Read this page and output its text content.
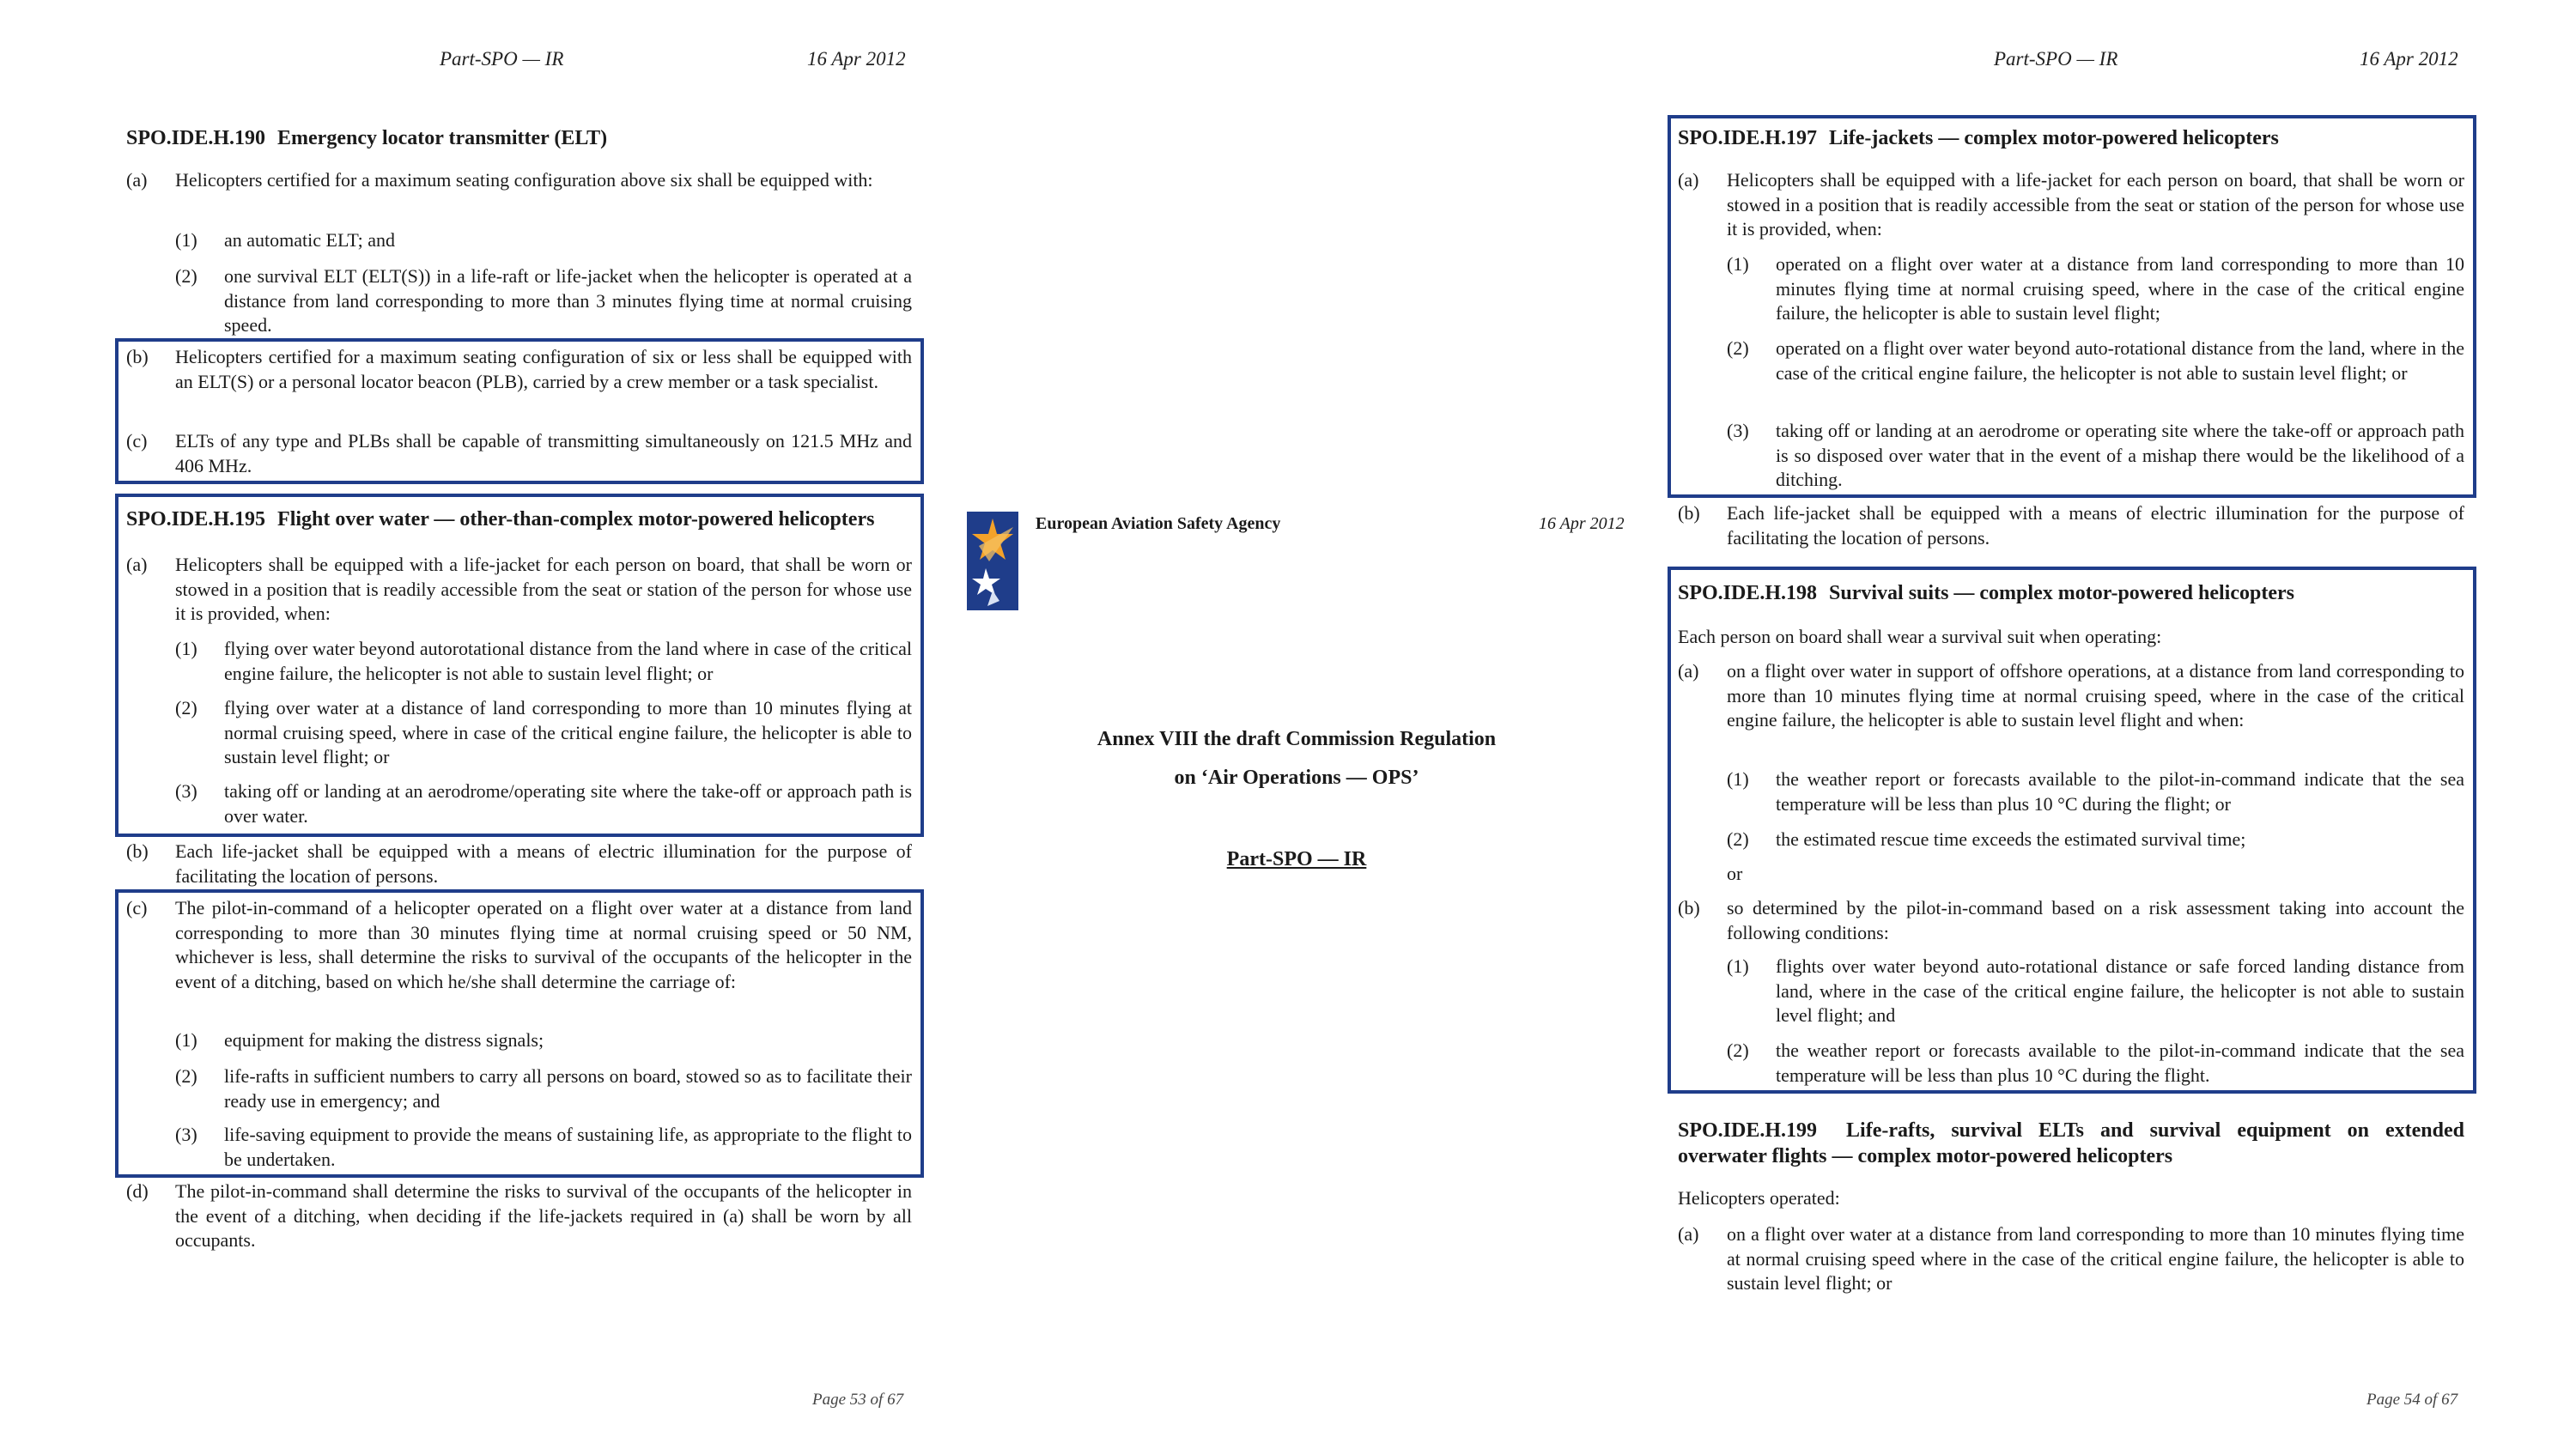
Part-SPO — IR	16 Apr 2012
SPO.IDE.H.190 Emergency locator transmitter (ELT)
(a) Helicopters certified for a maximum seating configuration above six shall be equipped with:
(1) an automatic ELT; and
(2) one survival ELT (ELT(S)) in a life-raft or life-jacket when the helicopter is operated at a distance from land corresponding to more than 3 minutes flying time at normal cruising speed.
(b) Helicopters certified for a maximum seating configuration of six or less shall be equipped with an ELT(S) or a personal locator beacon (PLB), carried by a crew member or a task specialist.
(c) ELTs of any type and PLBs shall be capable of transmitting simultaneously on 121.5 MHz and 406 MHz.
SPO.IDE.H.195 Flight over water — other-than-complex motor-powered helicopters
(a) Helicopters shall be equipped with a life-jacket for each person on board, that shall be worn or stowed in a position that is readily accessible from the seat or station of the person for whose use it is provided, when:
(1) flying over water beyond autorotational distance from the land where in case of the critical engine failure, the helicopter is not able to sustain level flight; or
(2) flying over water at a distance of land corresponding to more than 10 minutes flying at normal cruising speed, where in case of the critical engine failure, the helicopter is able to sustain level flight; or
(3) taking off or landing at an aerodrome/operating site where the take-off or approach path is over water.
(b) Each life-jacket shall be equipped with a means of electric illumination for the purpose of facilitating the location of persons.
(c) The pilot-in-command of a helicopter operated on a flight over water at a distance from land corresponding to more than 30 minutes flying time at normal cruising speed or 50 NM, whichever is less, shall determine the risks to survival of the occupants of the helicopter in the event of a ditching, based on which he/she shall determine the carriage of:
(1) equipment for making the distress signals;
(2) life-rafts in sufficient numbers to carry all persons on board, stowed so as to facilitate their ready use in emergency; and
(3) life-saving equipment to provide the means of sustaining life, as appropriate to the flight to be undertaken.
(d) The pilot-in-command shall determine the risks to survival of the occupants of the helicopter in the event of a ditching, when deciding if the life-jackets required in (a) shall be worn by all occupants.
Page 53 of 67
European Aviation Safety Agency	16 Apr 2012
Annex VIII the draft Commission Regulation
on ‘Air Operations — OPS’
Part-SPO — IR
Part-SPO — IR	16 Apr 2012
SPO.IDE.H.197 Life-jackets — complex motor-powered helicopters
(a) Helicopters shall be equipped with a life-jacket for each person on board, that shall be worn or stowed in a position that is readily accessible from the seat or station of the person for whose use it is provided, when:
(1) operated on a flight over water at a distance from land corresponding to more than 10 minutes flying time at normal cruising speed, where in the case of the critical engine failure, the helicopter is able to sustain level flight;
(2) operated on a flight over water beyond auto-rotational distance from the land, where in the case of the critical engine failure, the helicopter is not able to sustain level flight; or
(3) taking off or landing at an aerodrome or operating site where the take-off or approach path is so disposed over water that in the event of a mishap there would be the likelihood of a ditching.
(b) Each life-jacket shall be equipped with a means of electric illumination for the purpose of facilitating the location of persons.
SPO.IDE.H.198 Survival suits — complex motor-powered helicopters
Each person on board shall wear a survival suit when operating:
(a) on a flight over water in support of offshore operations, at a distance from land corresponding to more than 10 minutes flying time at normal cruising speed, where in the case of the critical engine failure, the helicopter is able to sustain level flight and when:
(1) the weather report or forecasts available to the pilot-in-command indicate that the sea temperature will be less than plus 10 °C during the flight; or
(2) the estimated rescue time exceeds the estimated survival time;
or
(b) so determined by the pilot-in-command based on a risk assessment taking into account the following conditions:
(1) flights over water beyond auto-rotational distance or safe forced landing distance from land, where in the case of the critical engine failure, the helicopter is not able to sustain level flight; and
(2) the weather report or forecasts available to the pilot-in-command indicate that the sea temperature will be less than plus 10 °C during the flight.
SPO.IDE.H.199 Life-rafts, survival ELTs and survival equipment on extended overwater flights — complex motor-powered helicopters
Helicopters operated:
(a) on a flight over water at a distance from land corresponding to more than 10 minutes flying time at normal cruising speed where in the case of the critical engine failure, the helicopter is able to sustain level flight; or
Page 54 of 67
